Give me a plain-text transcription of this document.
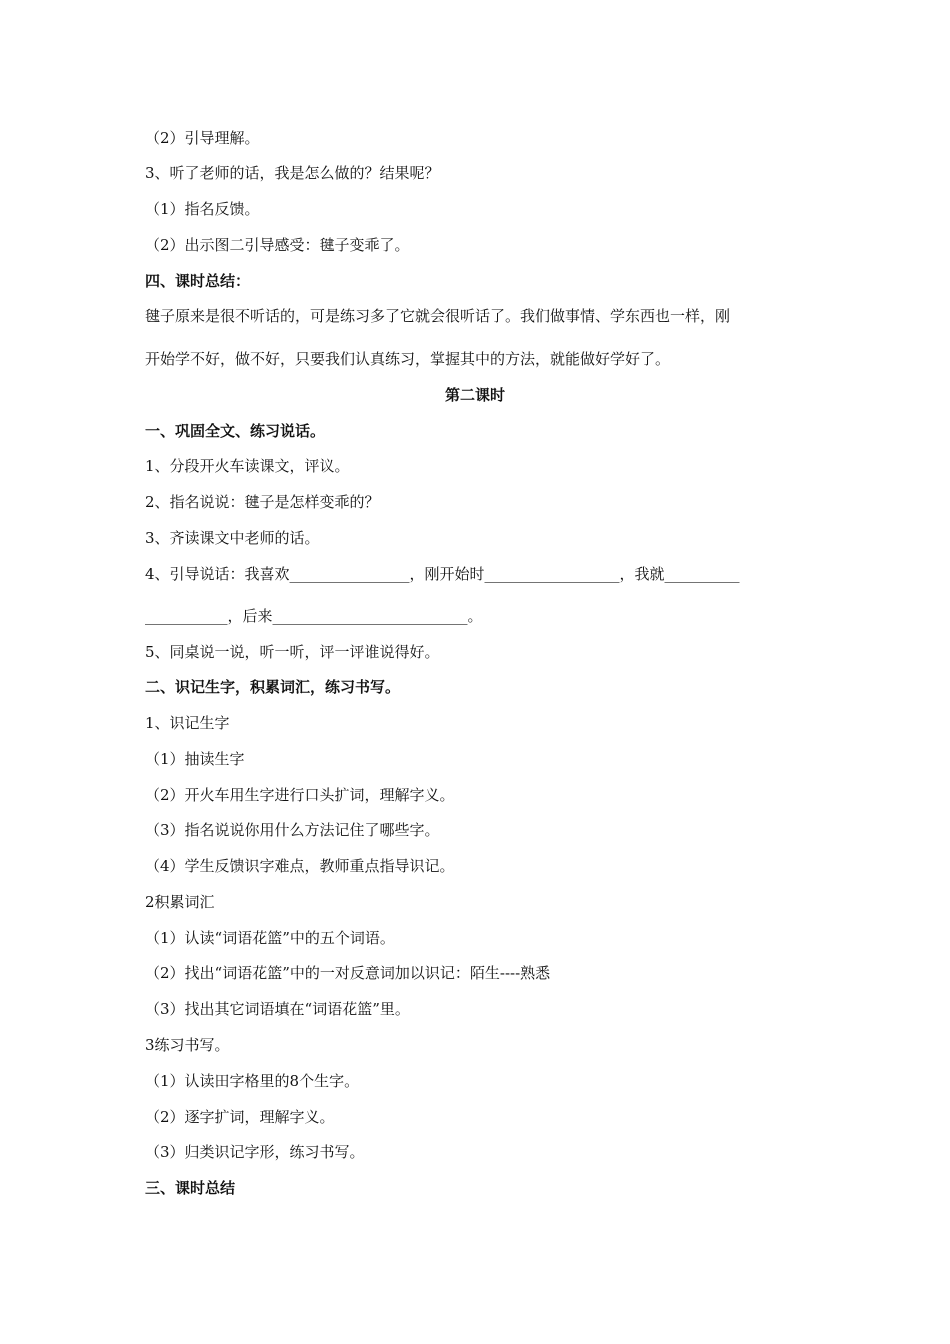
（2）引导理解。
3、听了老师的话，我是怎么做的？结果呢？
（1）指名反馈。
（2）出示图二引导感受：毽子变乖了。
四、课时总结：
毽子原来是很不听话的，可是练习多了它就会很听话了。我们做事情、学东西也一样，刚
开始学不好，做不好，只要我们认真练习，掌握其中的方法，就能做好学好了。
第二课时
一、巩固全文、练习说话。
1、分段开火车读课文，评议。
2、指名说说：毽子是怎样变乖的？
3、齐读课文中老师的话。
4、引导说话：我喜欢________________，刚开始时__________________，我就__________
___________，后来__________________________。
5、同桌说一说，听一听，评一评谁说得好。
二、识记生字，积累词汇，练习书写。
1、识记生字
（1）抽读生字
（2）开火车用生字进行口头扩词，理解字义。
（3）指名说说你用什么方法记住了哪些字。
（4）学生反馈识字难点，教师重点指导识记。
2积累词汇
（1）认读“词语花篮”中的五个词语。
（2）找出“词语花篮”中的一对反意词加以识记：陌生----熟悉
（3）找出其它词语填在“词语花篮”里。
3练习书写。
（1）认读田字格里的8个生字。
（2）逐字扩词，理解字义。
（3）归类识记字形，练习书写。
三、课时总结
